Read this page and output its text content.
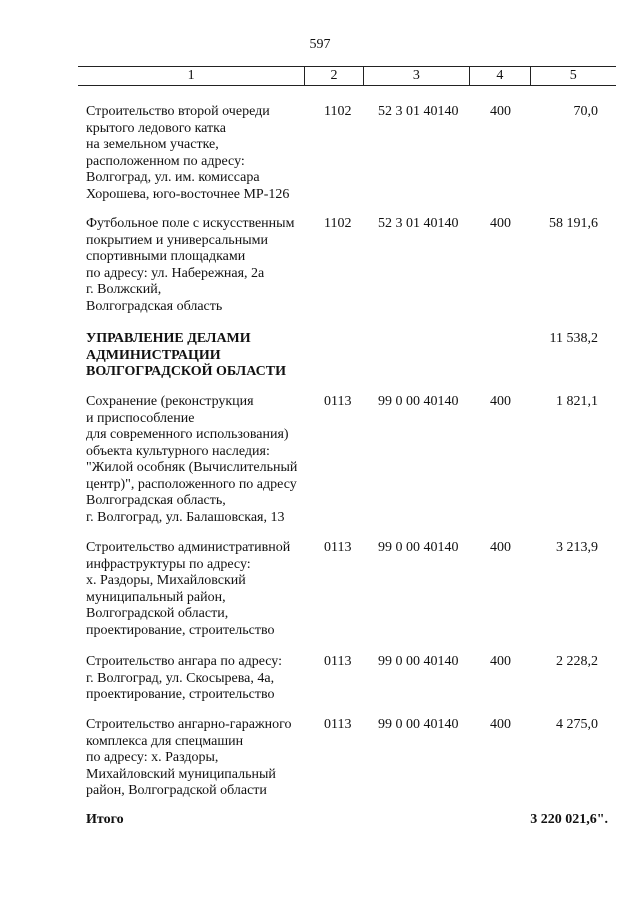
597
1	2	3	4	5
Строительство второй очереди
крытого ледового катка
на земельном участке,
расположенном по адресу:
Волгоград, ул. им. комиссара
Хорошева, юго-восточнее МР-126
1102	52 3 01 40140	400	70,0
Футбольное поле с искусственным
покрытием и универсальными
спортивными площадками
по адресу: ул. Набережная, 2а
г. Волжский,
Волгоградская область
1102	52 3 01 40140	400	58 191,6
УПРАВЛЕНИЕ ДЕЛАМИ
АДМИНИСТРАЦИИ
ВОЛГОГРАДСКОЙ ОБЛАСТИ
11 538,2
Сохранение (реконструкция
и приспособление
для современного использования)
объекта культурного наследия:
"Жилой особняк (Вычислительный
центр)", расположенного по адресу
Волгоградская область,
г. Волгоград, ул. Балашовская, 13
0113	99 0 00 40140	400	1 821,1
Строительство административной
инфраструктуры по адресу:
х. Раздоры, Михайловский
муниципальный район,
Волгоградской области,
проектирование, строительство
0113	99 0 00 40140	400	3 213,9
Строительство ангара по адресу:
г. Волгоград, ул. Скосырева, 4а,
проектирование, строительство
0113	99 0 00 40140	400	2 228,2
Строительство ангарно-гаражного
комплекса для спецмашин
по адресу: х. Раздоры,
Михайловский муниципальный
район, Волгоградской области
0113	99 0 00 40140	400	4 275,0
Итого	3 220 021,6".
